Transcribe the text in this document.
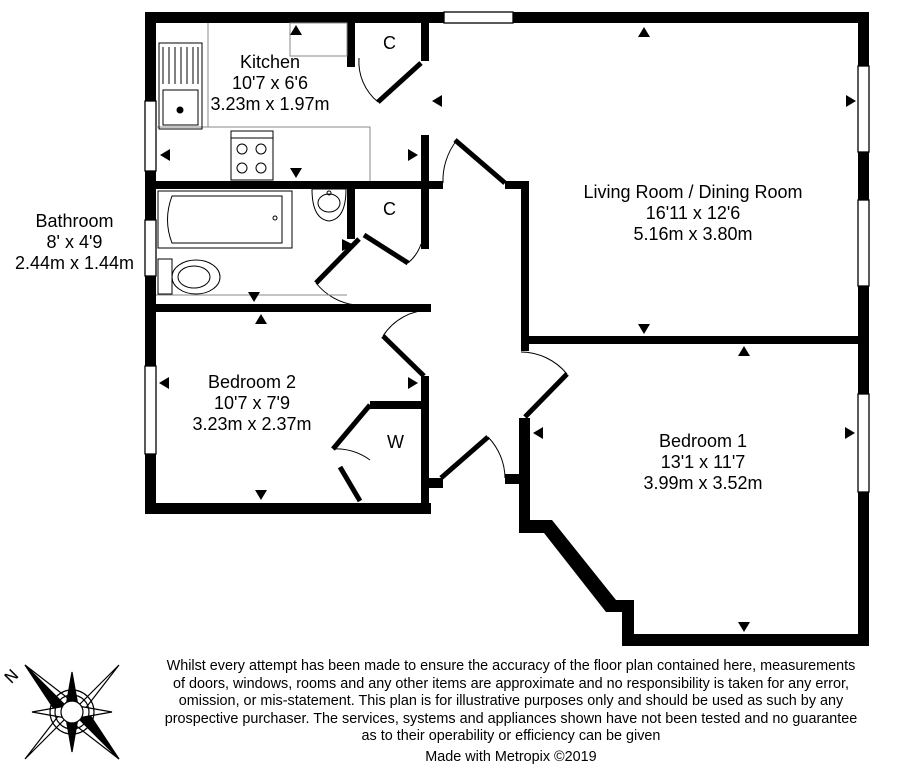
N
Kitchen
10'7 x 6'6
3.23m x 1.97m
Living Room / Dining Room
16'11 x 12'6
5.16m x 3.80m
Bathroom
8' x 4'9
2.44m x 1.44m
Bedroom 2
10'7 x 7'9
3.23m x 2.37m
Bedroom 1
13'1 x 11'7
3.99m x 3.52m
C
C
W
Whilst every attempt has been made to ensure the accuracy of the floor plan contained here, measurements
of doors, windows, rooms and any other items are approximate and no responsibility is taken for any error,
omission, or mis-statement. This plan is for illustrative purposes only and should be used as such by any
prospective purchaser. The services, systems and appliances shown have not been tested and no guarantee
as to their operability or efficiency can be given
Made with Metropix ©2019
